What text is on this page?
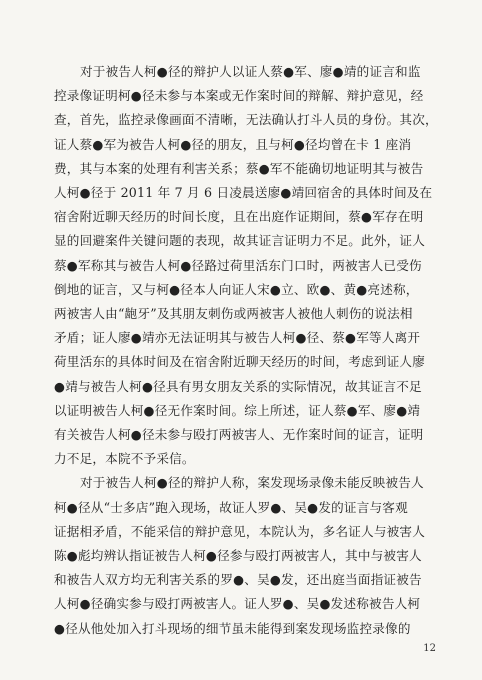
对于被告人柯●径的辩护人以证人蔡●军、廖●靖的证言和监
控录像证明柯●径未参与本案或无作案时间的辩解、辩护意见，经
查，首先，监控录像画面不清晰，无法确认打斗人员的身份。其次，
证人蔡●军为被告人柯●径的朋友，且与柯●径均曾在卡 1 座消
费，其与本案的处理有利害关系；蔡●军不能确切地证明其与被告
人柯●径于 2011 年 7 月 6 日凌晨送廖●靖回宿舍的具体时间及在
宿舍附近聊天经历的时间长度，且在出庭作证期间，蔡●军存在明
显的回避案件关键问题的表现，故其证言证明力不足。此外，证人
蔡●军称其与被告人柯●径路过荷里活东门口时，两被害人已受伤
倒地的证言，又与柯●径本人向证人宋●立、欧●、黄●亮述称，
两被害人由“龅牙”及其朋友刺伤或两被害人被他人刺伤的说法相
矛盾；证人廖●靖亦无法证明其与被告人柯●径、蔡●军等人离开
荷里活东的具体时间及在宿舍附近聊天经历的时间，考虑到证人廖
●靖与被告人柯●径具有男女朋友关系的实际情况，故其证言不足
以证明被告人柯●径无作案时间。综上所述，证人蔡●军、廖●靖
有关被告人柯●径未参与殴打两被害人、无作案时间的证言，证明
力不足，本院不予采信。
对于被告人柯●径的辩护人称，案发现场录像未能反映被告人
柯●径从“士多店”跑入现场，故证人罗●、吴●发的证言与客观
证据相矛盾，不能采信的辩护意见，本院认为，多名证人与被害人
陈●彪均辨认指证被告人柯●径参与殴打两被害人，其中与被害人
和被告人双方均无利害关系的罗●、吴●发，还出庭当面指证被告
人柯●径确实参与殴打两被害人。证人罗●、吴●发述称被告人柯
●径从他处加入打斗现场的细节虽未能得到案发现场监控录像的
12
